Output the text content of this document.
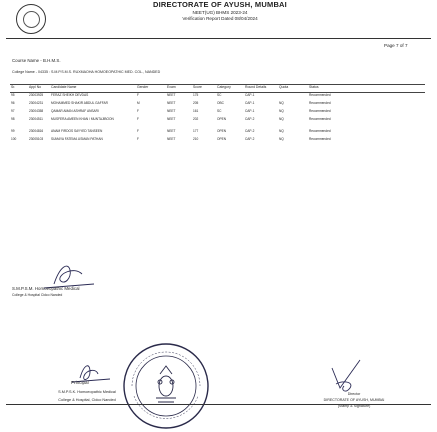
DIRECTORATE OF AYUSH, MUMBAI
NEET(UG) BHMS 2023-24
Verification Report Dated 08/04/2024
Page 7 of 7
Course Name - B.H.M.S.
College Name - 04335 : S.M.P.S.M.S. RUXMAOHA HOMOEOPATHIC MED. COL., NANDED
Sr.	Appl No	Candidate Name	Gender	Exam	Score	Category	Round Details	Quota	Status
95	23003925	FERAZ SHEIKH DEVDAS	F	NEET	175	SC	CAP-1		Recommended
96	23004231	MOHAMMED SHAKIR ABDUL GAFFAR	M	NEET	205	OBC	CAP-1	NQ	Recommended
97	23004358	QAMAR AMAN ASHRAF ANSARI	F	NEET	161	SC	CAP-1	NQ	Recommended
98	23004511	MUSFERA AMEEN KHAN / MUNTAJIBOON	F	NEET	202	OPEN	CAP-2	NQ	Recommended
99	23004816	ANAM FIRDOS SAYYED TANSEEN	F	NEET	177	OPEN	CAP-2	NQ	Recommended
100	23005103	SUMAYA FATEMA USMAN PATHAN	F	NEET	210	OPEN	CAP-2	NQ	Recommended
S.M.P.S.M. Homoeopathic Medical
College & Hospital Cidco Nanded
Principal
S.M.P.S.K. Homoeopathic Medical
College & Hospital, Cidco Nanded
Director
DIRECTORATE OF AYUSH, MUMBAI
(Stamp & Signature)
